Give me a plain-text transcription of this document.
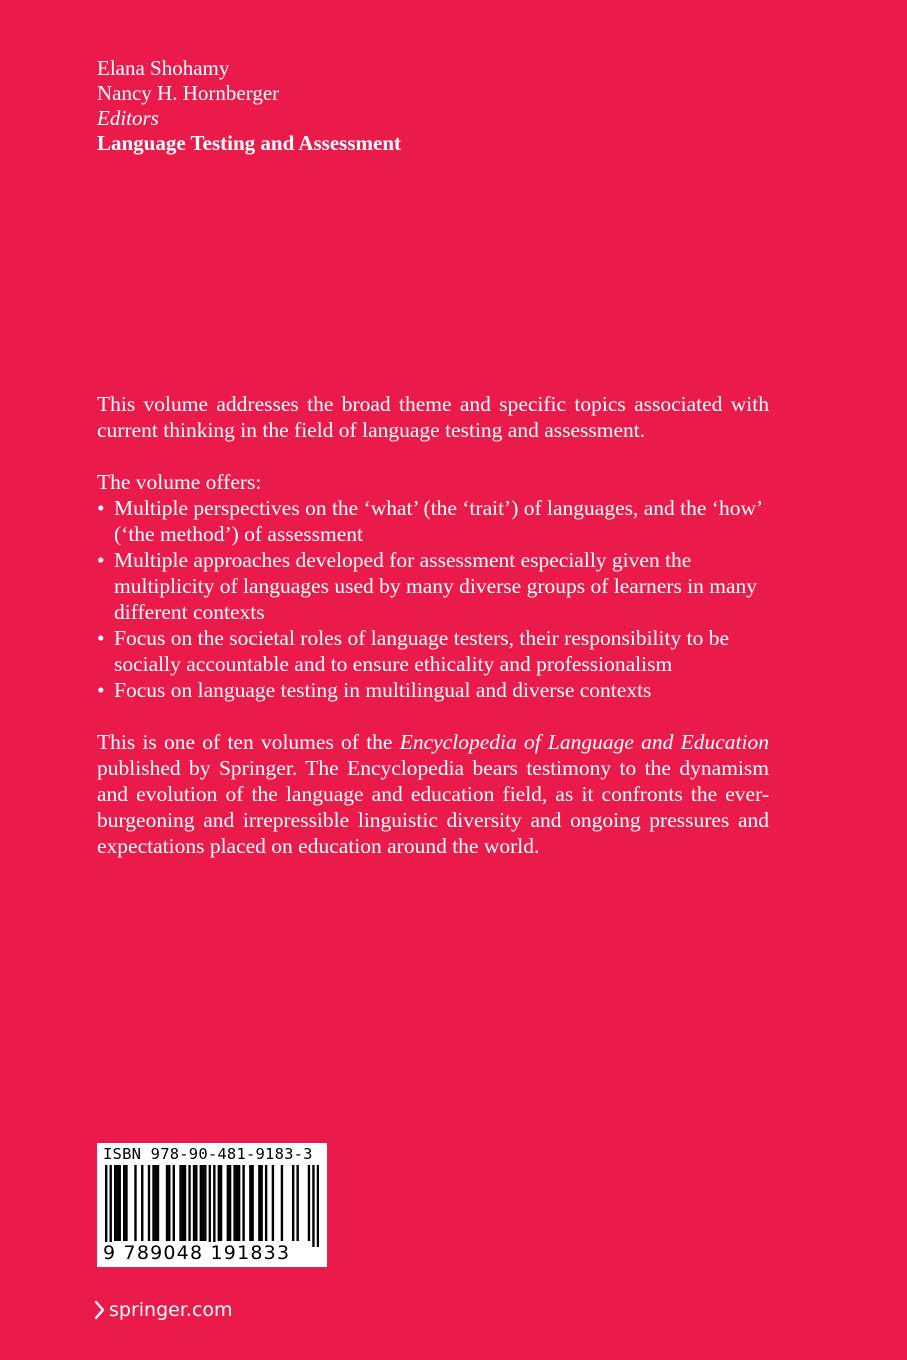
Elana Shohamy
Nancy H. Hornberger
Editors
Language Testing and Assessment

This volume addresses the broad theme and specific topics associated with current thinking in the field of language testing and assessment.

The volume offers:

• Multiple perspectives on the ‘what’ (the ‘trait’) of languages, and the ‘how’ (‘the method’) of assessment
• Multiple approaches developed for assessment especially given the multiplicity of languages used by many diverse groups of learners in many different contexts
• Focus on the societal roles of language testers, their responsibility to be socially accountable and to ensure ethicality and professionalism
• Focus on language testing in multilingual and diverse contexts

This is one of ten volumes of the Encyclopedia of Language and Education published by Springer. The Encyclopedia bears testimony to the dynamism and evolution of the language and education field, as it confronts the ever-burgeoning and irrepressible linguistic diversity and ongoing pressures and expectations placed on education around the world.

ISBN 978-90-481-9183-3
9 789048 191833
springer.com
